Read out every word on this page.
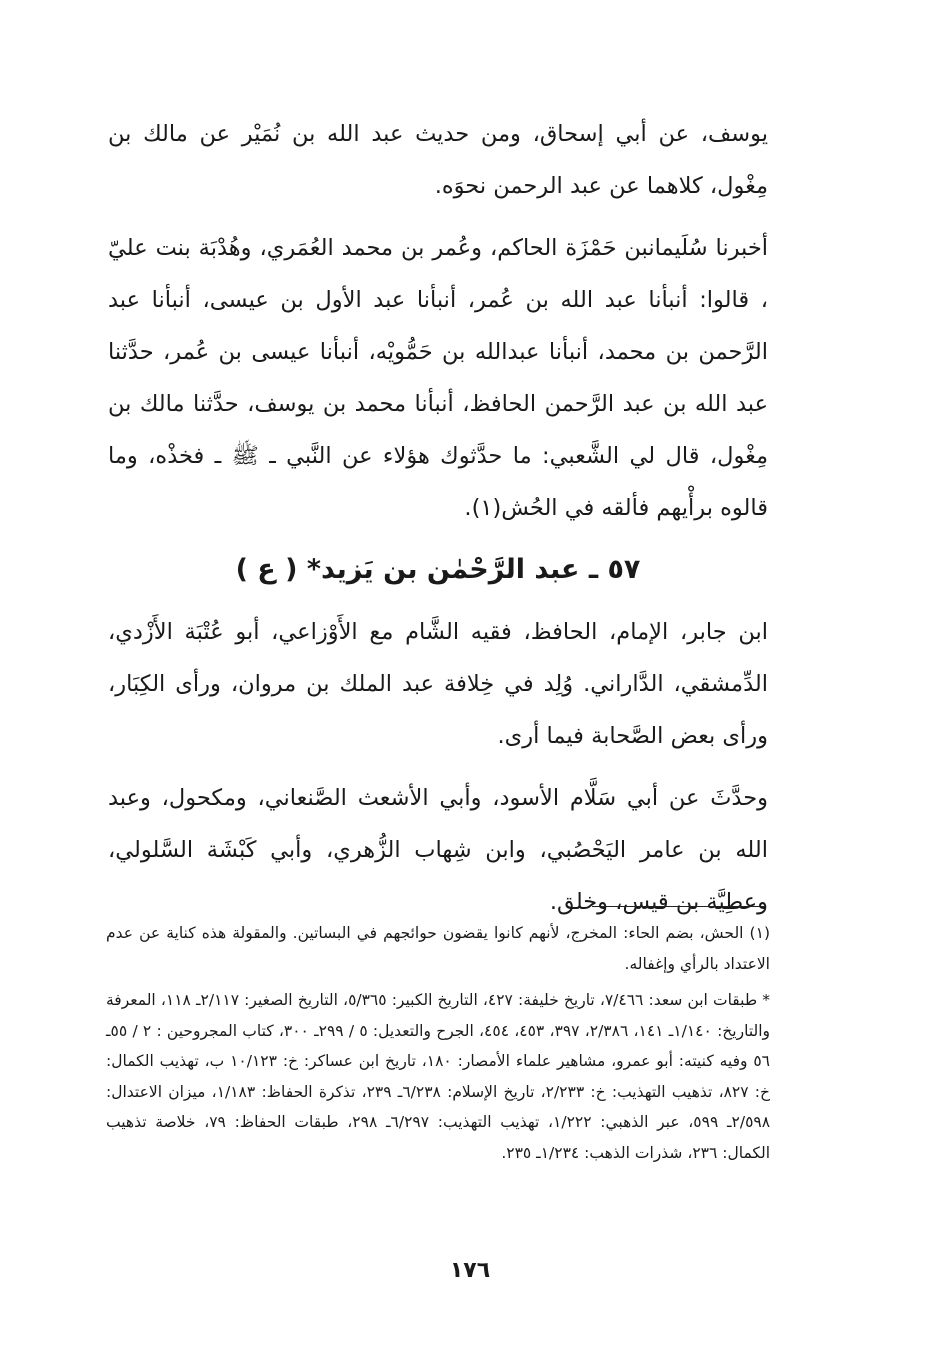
يوسف، عن أبي إسحاق، ومن حديث عبد الله بن نُمَيْر عن مالك بن مِغْول، كلاهما عن عبد الرحمن نحوَه.

أخبرنا سُلَيمانبن حَمْزَة الحاكم، وعُمر بن محمد العُمَري، وهُدْبَة بنت عليّ ، قالوا: أنبأنا عبد الله بن عُمر، أنبأنا عبد الأول بن عيسى، أنبأنا عبد الرَّحمن بن محمد، أنبأنا عبدالله بن حَمُّويْه، أنبأنا عيسى بن عُمر، حدَّثنا عبد الله بن عبد الرَّحمن الحافظ، أنبأنا محمد بن يوسف، حدَّثنا مالك بن مِغْول، قال لي الشَّعبي: ما حدَّثوك هؤلاء عن النَّبي ـ ﷺ ـ فخذْه، وما قالوه برأْيهم فألقه في الحُش(١).

٥٧ ـ عبد الرَّحْمٰن بن يَزيد* ( ع )

ابن جابر، الإمام، الحافظ، فقيه الشَّام مع الأَوْزاعي، أبو عُتْبَة الأَزْدي، الدِّمشقي، الدَّاراني. وُلِد في خِلافة عبد الملك بن مروان، ورأى الكِبَار، ورأى بعض الصَّحابة فيما أرى.

وحدَّثَ عن أبي سَلَّام الأسود، وأبي الأشعث الصَّنعاني، ومكحول، وعبد الله بن عامر اليَحْصُبي، وابن شِهاب الزُّهري، وأبي كَبْشَة السَّلولي، وعطِيَّة بن قيس، وخلق.

(١) الحش، بضم الحاء: المخرج، لأنهم كانوا يقضون حوائجهم في البساتين. والمقولة هذه كناية عن عدم الاعتداد بالرأي وإغفاله.

* طبقات ابن سعد: ٧/٤٦٦، تاريخ خليفة: ٤٢٧، التاريخ الكبير: ٥/٣٦٥، التاريخ الصغير: ٢/١١٧ـ ١١٨، المعرفة والتاريخ: ١/١٤٠ـ ١٤١، ٢/٣٨٦، ٣٩٧، ٤٥٣، ٤٥٤، الجرح والتعديل: ٥ / ٢٩٩ـ ٣٠٠، كتاب المجروحين : ٢ / ٥٥ـ ٥٦ وفيه كنيته: أبو عمرو، مشاهير علماء الأمصار: ١٨٠، تاريخ ابن عساكر: خ: ١٠/١٢٣ ب، تهذيب الكمال: خ: ٨٢٧، تذهيب التهذيب: خ: ٢/٢٣٣، تاريخ الإسلام: ٦/٢٣٨ـ ٢٣٩، تذكرة الحفاظ: ١/١٨٣، ميزان الاعتدال: ٢/٥٩٨ـ ٥٩٩، عبر الذهبي: ١/٢٢٢، تهذيب التهذيب: ٦/٢٩٧ـ ٢٩٨، طبقات الحفاظ: ٧٩، خلاصة تذهيب الكمال: ٢٣٦، شذرات الذهب: ١/٢٣٤ـ ٢٣٥.

١٧٦
